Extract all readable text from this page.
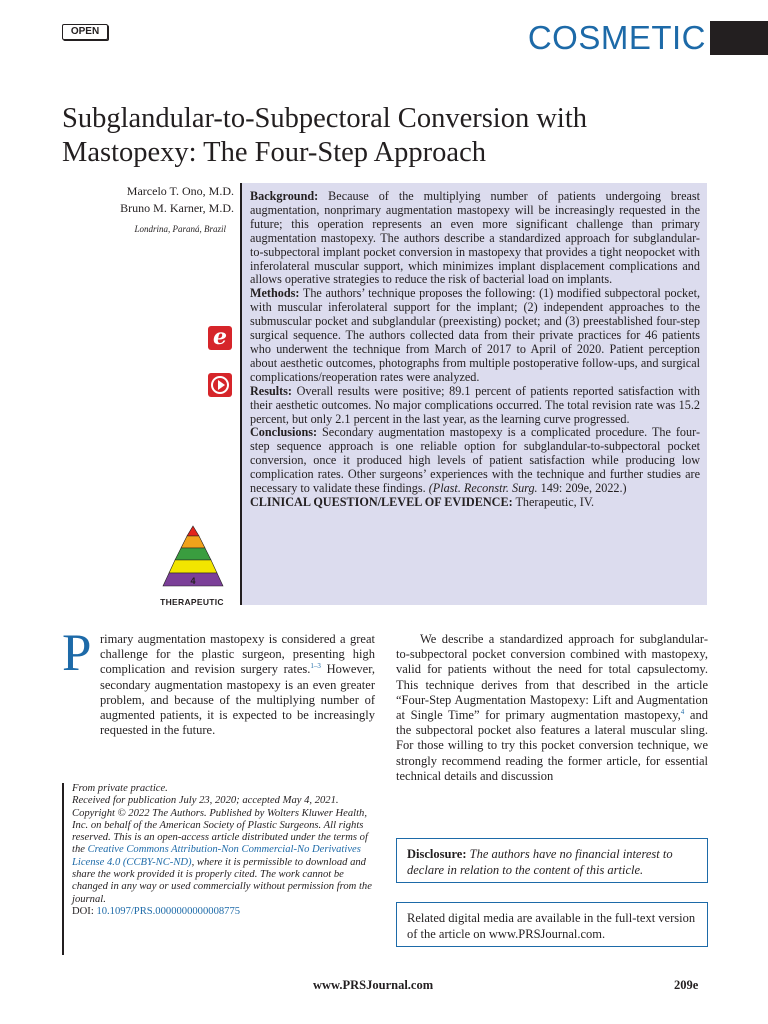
OPEN	COSMETIC
Subglandular-to-Subpectoral Conversion with Mastopexy: The Four-Step Approach
Marcelo T. Ono, M.D.
Bruno M. Karner, M.D.
Londrina, Paraná, Brazil
e
4
THERAPEUTIC

Background: Because of the multiplying number of patients undergoing breast augmentation, nonprimary augmentation mastopexy will be increasingly requested in the future; this operation represents an even more significant challenge than primary augmentation mastopexy. The authors describe a standardized approach for subglandular-to-subpectoral implant pocket conversion in mastopexy that provides a tight neopocket with inferolateral muscular support, which minimizes implant displacement complications and allows operative strategies to reduce the risk of bacterial load on implants.

Methods: The authors’ technique proposes the following: (1) modified subpectoral pocket, with muscular inferolateral support for the implant; (2) independent approaches to the submuscular pocket and subglandular (preexisting) pocket; and (3) preestablished four-step surgical sequence. The authors collected data from their private practices for 46 patients who underwent the technique from March of 2017 to April of 2020. Patient perception about aesthetic outcomes, photographs from multiple postoperative follow-ups, and surgical complications/reoperation rates were analyzed.

Results: Overall results were positive; 89.1 percent of patients reported satisfaction with their aesthetic outcomes. No major complications occurred. The total revision rate was 15.2 percent, but only 2.1 percent in the last year, as the learning curve progressed.

Conclusions: Secondary augmentation mastopexy is a complicated procedure. The four-step sequence approach is one reliable option for subglandular-to-subpectoral pocket conversion, once it produced high levels of patient satisfaction while producing low complication rates. Other surgeons’ experiences with the technique and further studies are necessary to validate these findings. (Plast. Reconstr. Surg. 149: 209e, 2022.)

CLINICAL QUESTION/LEVEL OF EVIDENCE: Therapeutic, IV.

P rimary augmentation mastopexy is considered a great challenge for the plastic surgeon, presenting high complication and revision surgery rates.$^{1-3}$ However, secondary augmentation mastopexy is an even greater problem, and because of the multiplying number of augmented patients, it is expected to be increasingly requested in the future.
We describe a standardized approach for subglandular-to-subpectoral pocket conversion combined with mastopexy, valid for patients without the need for total capsulectomy. This technique derives from that described in the article “Four-Step Augmentation Mastopexy: Lift and Augmentation at Single Time” for primary augmentation mastopexy,$^4$ and the subpectoral pocket also features a lateral muscular sling. For those willing to try this pocket conversion technique, we strongly recommend reading the former article, for essential technical details and discussion
From private practice.
Received for publication July 23, 2020; accepted May 4, 2021.
Copyright © 2022 The Authors. Published by Wolters Kluwer Health, Inc. on behalf of the American Society of Plastic Surgeons. All rights reserved. This is an open-access article distributed under the terms of the Creative Commons Attribution-Non Commercial-No Derivatives License 4.0 (CCBY-NC-ND), where it is permissible to download and share the work provided it is properly cited. The work cannot be changed in any way or used commercially without permission from the journal.
DOI: 10.1097/PRS.0000000000008775
Disclosure: The authors have no financial interest to declare in relation to the content of this article.
Related digital media are available in the full-text version of the article on www.PRSJournal.com.
www.PRSJournal.com	209e
